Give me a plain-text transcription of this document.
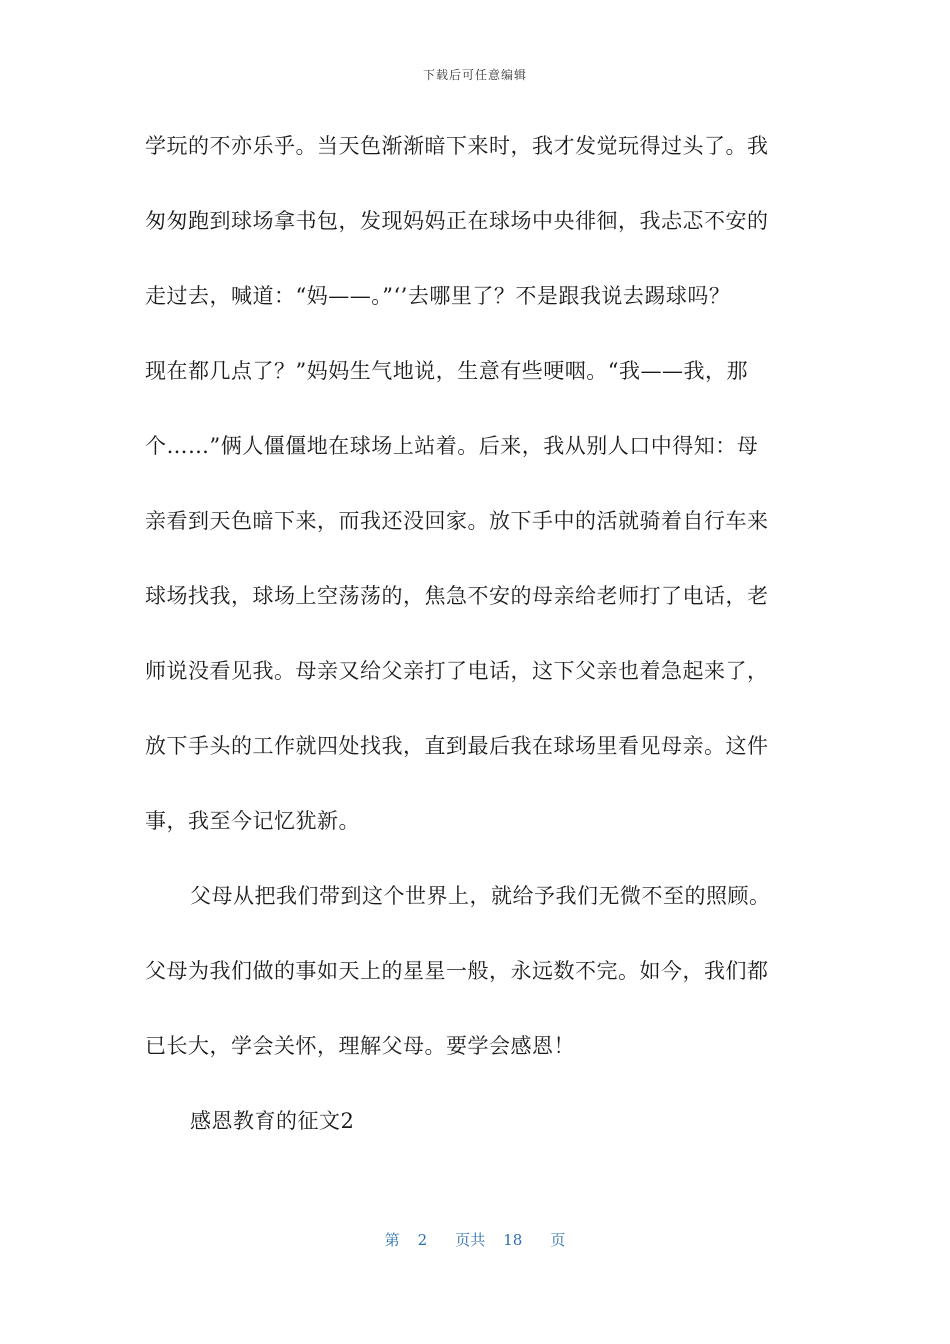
下载后可任意编辑
学玩的不亦乐乎。当天色渐渐暗下来时，我才发觉玩得过头了。我
匆匆跑到球场拿书包，发现妈妈正在球场中央徘徊，我忐忑不安的
走过去，喊道：“妈——。”‘’去哪里了？不是跟我说去踢球吗？
现在都几点了？”妈妈生气地说，生意有些哽咽。“我——我，那
个……”俩人僵僵地在球场上站着。后来，我从别人口中得知：母
亲看到天色暗下来，而我还没回家。放下手中的活就骑着自行车来
球场找我，球场上空荡荡的，焦急不安的母亲给老师打了电话，老
师说没看见我。母亲又给父亲打了电话，这下父亲也着急起来了，
放下手头的工作就四处找我，直到最后我在球场里看见母亲。这件
事，我至今记忆犹新。
父母从把我们带到这个世界上，就给予我们无微不至的照顾。
父母为我们做的事如天上的星星一般，永远数不完。如今，我们都
已长大，学会关怀，理解父母。要学会感恩！
感恩教育的征文2
第 2 页共 18 页
